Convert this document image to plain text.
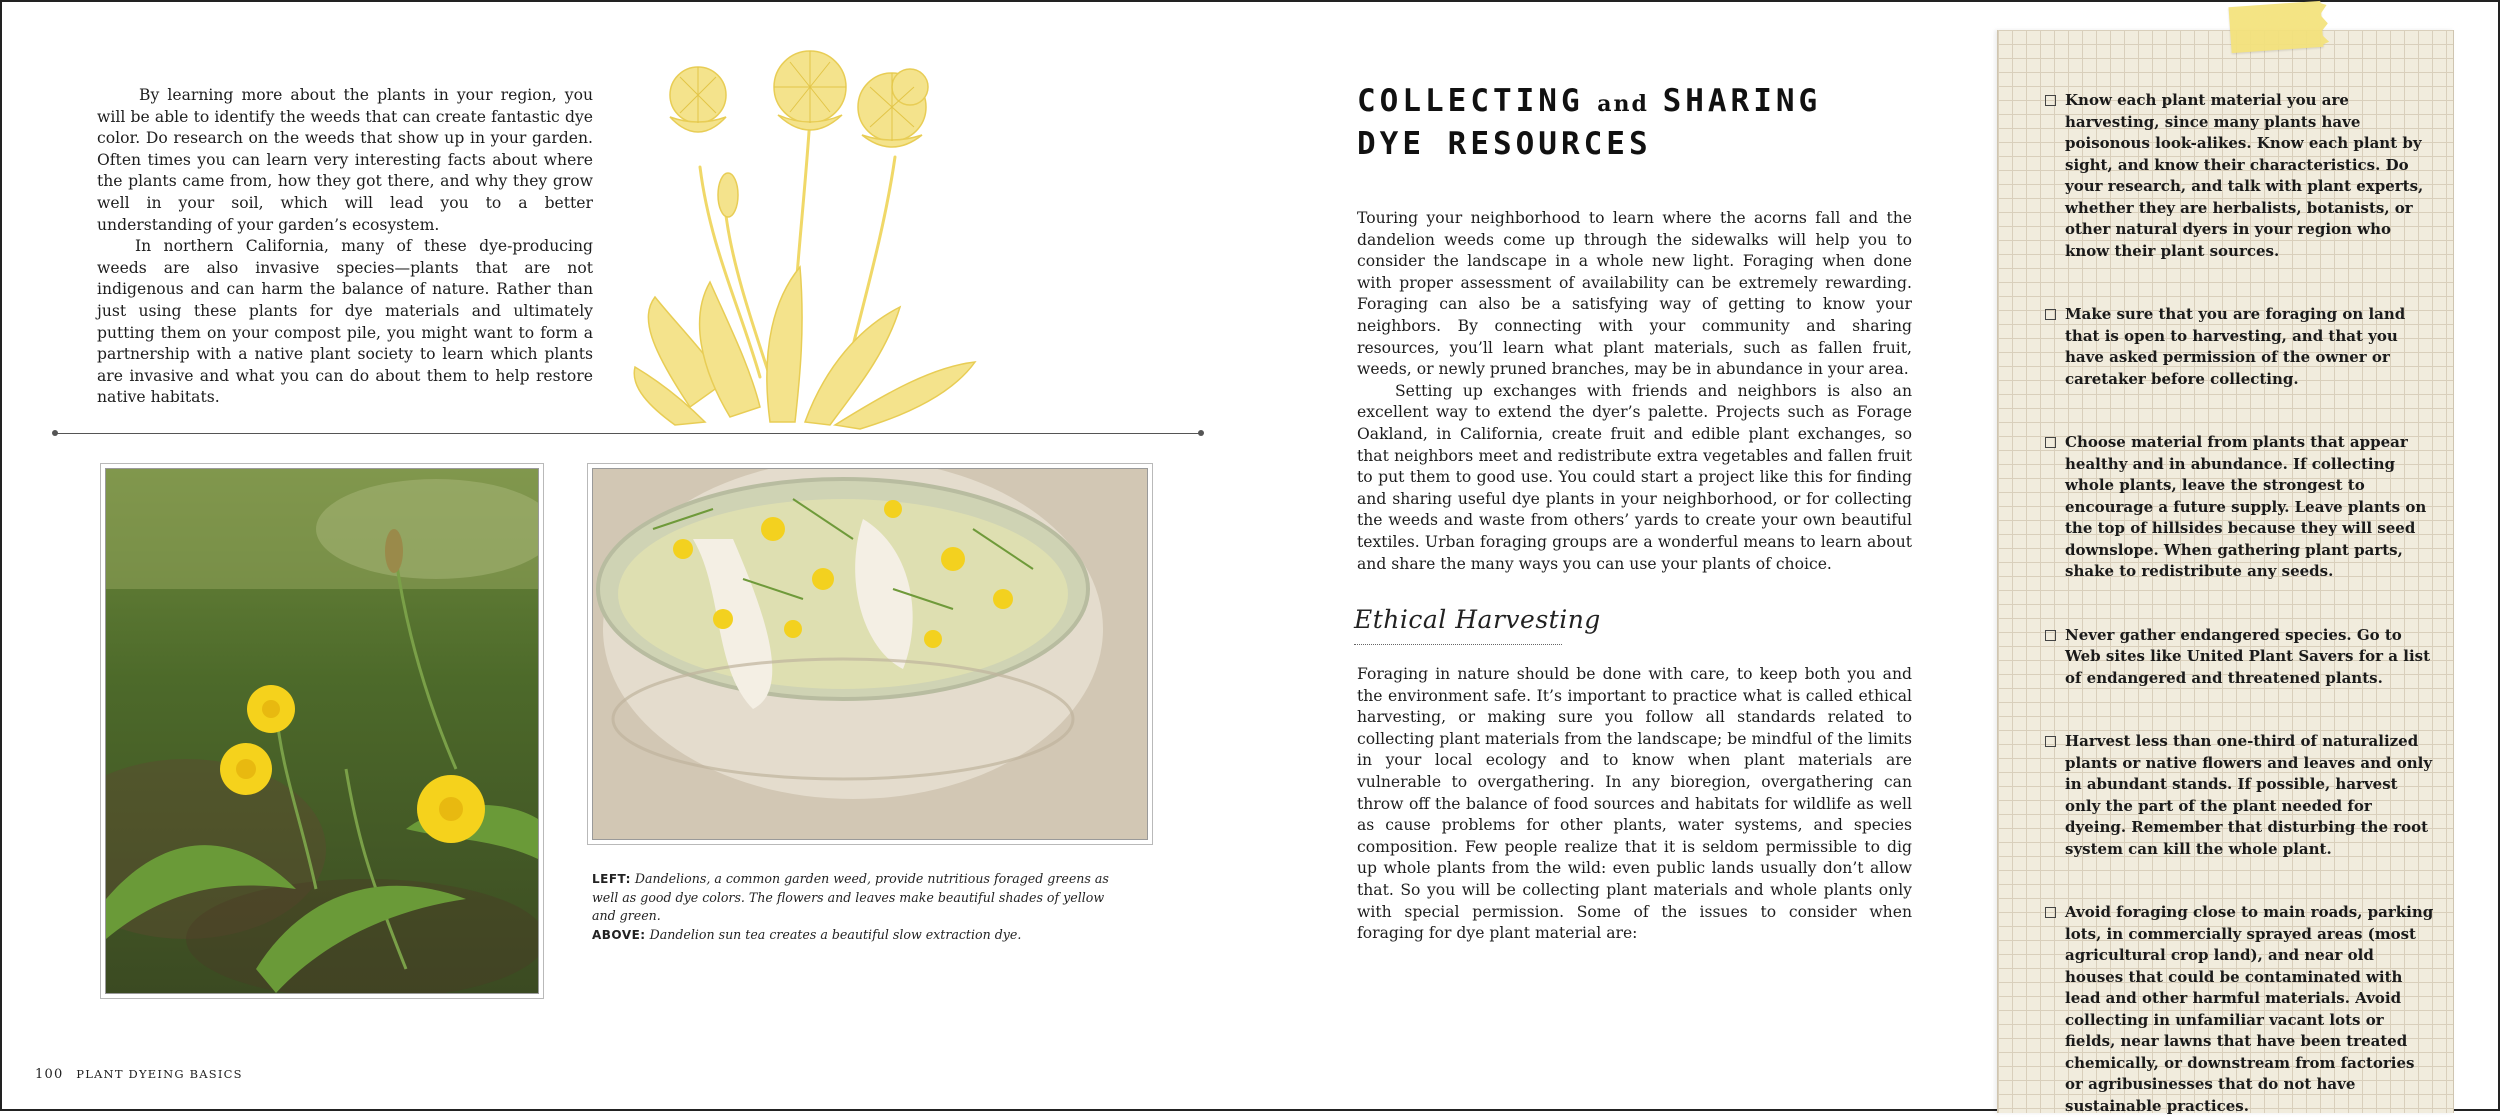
By learning more about the plants in your region, you will be able to identify the weeds that can create fantastic dye color. Do research on the weeds that show up in your garden. Often times you can learn very interesting facts about where the plants came from, how they got there, and why they grow well in your soil, which will lead you to a better understanding of your garden’s ecosystem.

In northern California, many of these dye-producing weeds are also invasive species—plants that are not indigenous and can harm the balance of nature. Rather than just using these plants for dye materials and ultimately putting them on your compost pile, you might want to form a partnership with a native plant society to learn which plants are invasive and what you can do about them to help restore native habitats.

LEFT: Dandelions, a common garden weed, provide nutritious foraged greens as well as good dye colors. The flowers and leaves make beautiful shades of yellow and green.
ABOVE: Dandelion sun tea creates a beautiful slow extraction dye.
100 PLANT DYEING BASICS
COLLECTING and SHARING
DYE RESOURCES

Touring your neighborhood to learn where the acorns fall and the dandelion weeds come up through the sidewalks will help you to consider the landscape in a whole new light. Foraging when done with proper assessment of availability can be extremely rewarding. Foraging can also be a satisfying way of getting to know your neighbors. By connecting with your community and sharing resources, you’ll learn what plant materials, such as fallen fruit, weeds, or newly pruned branches, may be in abundance in your area.

Setting up exchanges with friends and neighbors is also an excellent way to extend the dyer’s palette. Projects such as Forage Oakland, in California, create fruit and edible plant exchanges, so that neighbors meet and redistribute extra vegetables and fallen fruit to put them to good use. You could start a project like this for finding and sharing useful dye plants in your neighborhood, or for collecting the weeds and waste from others’ yards to create your own beautiful textiles. Urban foraging groups are a wonderful means to learn about and share the many ways you can use your plants of choice.

Ethical Harvesting

Foraging in nature should be done with care, to keep both you and the environment safe. It’s important to practice what is called ethical harvesting, or making sure you follow all standards related to collecting plant materials from the landscape; be mindful of the limits in your local ecology and to know when plant materials are vulnerable to overgathering. In any bioregion, overgathering can throw off the balance of food sources and habitats for wildlife as well as cause problems for other plants, water systems, and species composition. Few people realize that it is seldom permissible to dig up whole plants from the wild: even public lands usually don’t allow that. So you will be collecting plant materials and whole plants only with special permission. Some of the issues to consider when foraging for dye plant material are:

Know each plant material you are harvesting, since many plants have poisonous look-alikes. Know each plant by sight, and know their characteristics. Do your research, and talk with plant experts, whether they are herbalists, botanists, or other natural dyers in your region who know their plant sources.
Make sure that you are foraging on land that is open to harvesting, and that you have asked permission of the owner or caretaker before collecting.
Choose material from plants that appear healthy and in abundance. If collecting whole plants, leave the strongest to encourage a future supply. Leave plants on the top of hillsides because they will seed downslope. When gathering plant parts, shake to redistribute any seeds.
Never gather endangered species. Go to Web sites like United Plant Savers for a list of endangered and threatened plants.
Harvest less than one-third of naturalized plants or native flowers and leaves and only in abundant stands. If possible, harvest only the part of the plant needed for dyeing. Remember that disturbing the root system can kill the whole plant.
Avoid foraging close to main roads, parking lots, in commercially sprayed areas (most agricultural crop land), and near old houses that could be contaminated with lead and other harmful materials. Avoid collecting in unfamiliar vacant lots or fields, near lawns that have been treated chemically, or downstream from factories or agribusinesses that do not have sustainable practices.
